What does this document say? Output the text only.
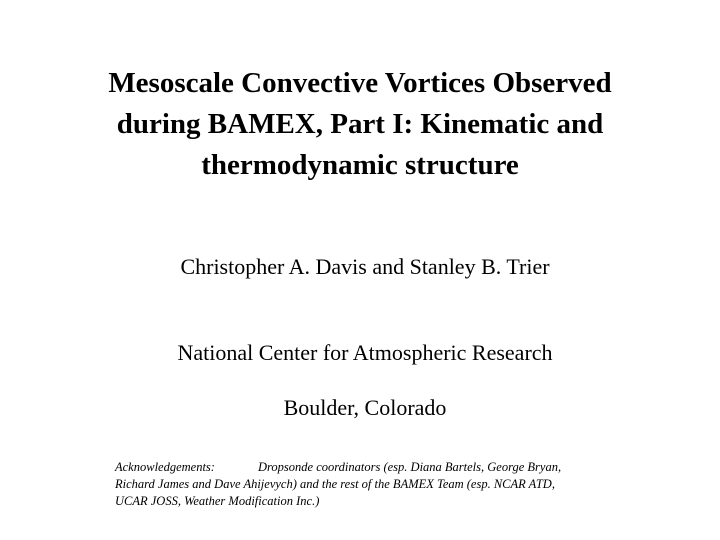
Mesoscale Convective Vortices Observed
during BAMEX, Part I: Kinematic and
thermodynamic structure
Christopher A. Davis and Stanley B. Trier
National Center for Atmospheric Research
Boulder, Colorado
Acknowledgements:	Dropsonde coordinators (esp. Diana Bartels, George Bryan,
Richard James and Dave Ahijevych) and the rest of the BAMEX Team (esp. NCAR ATD,
UCAR JOSS, Weather Modification Inc.)
